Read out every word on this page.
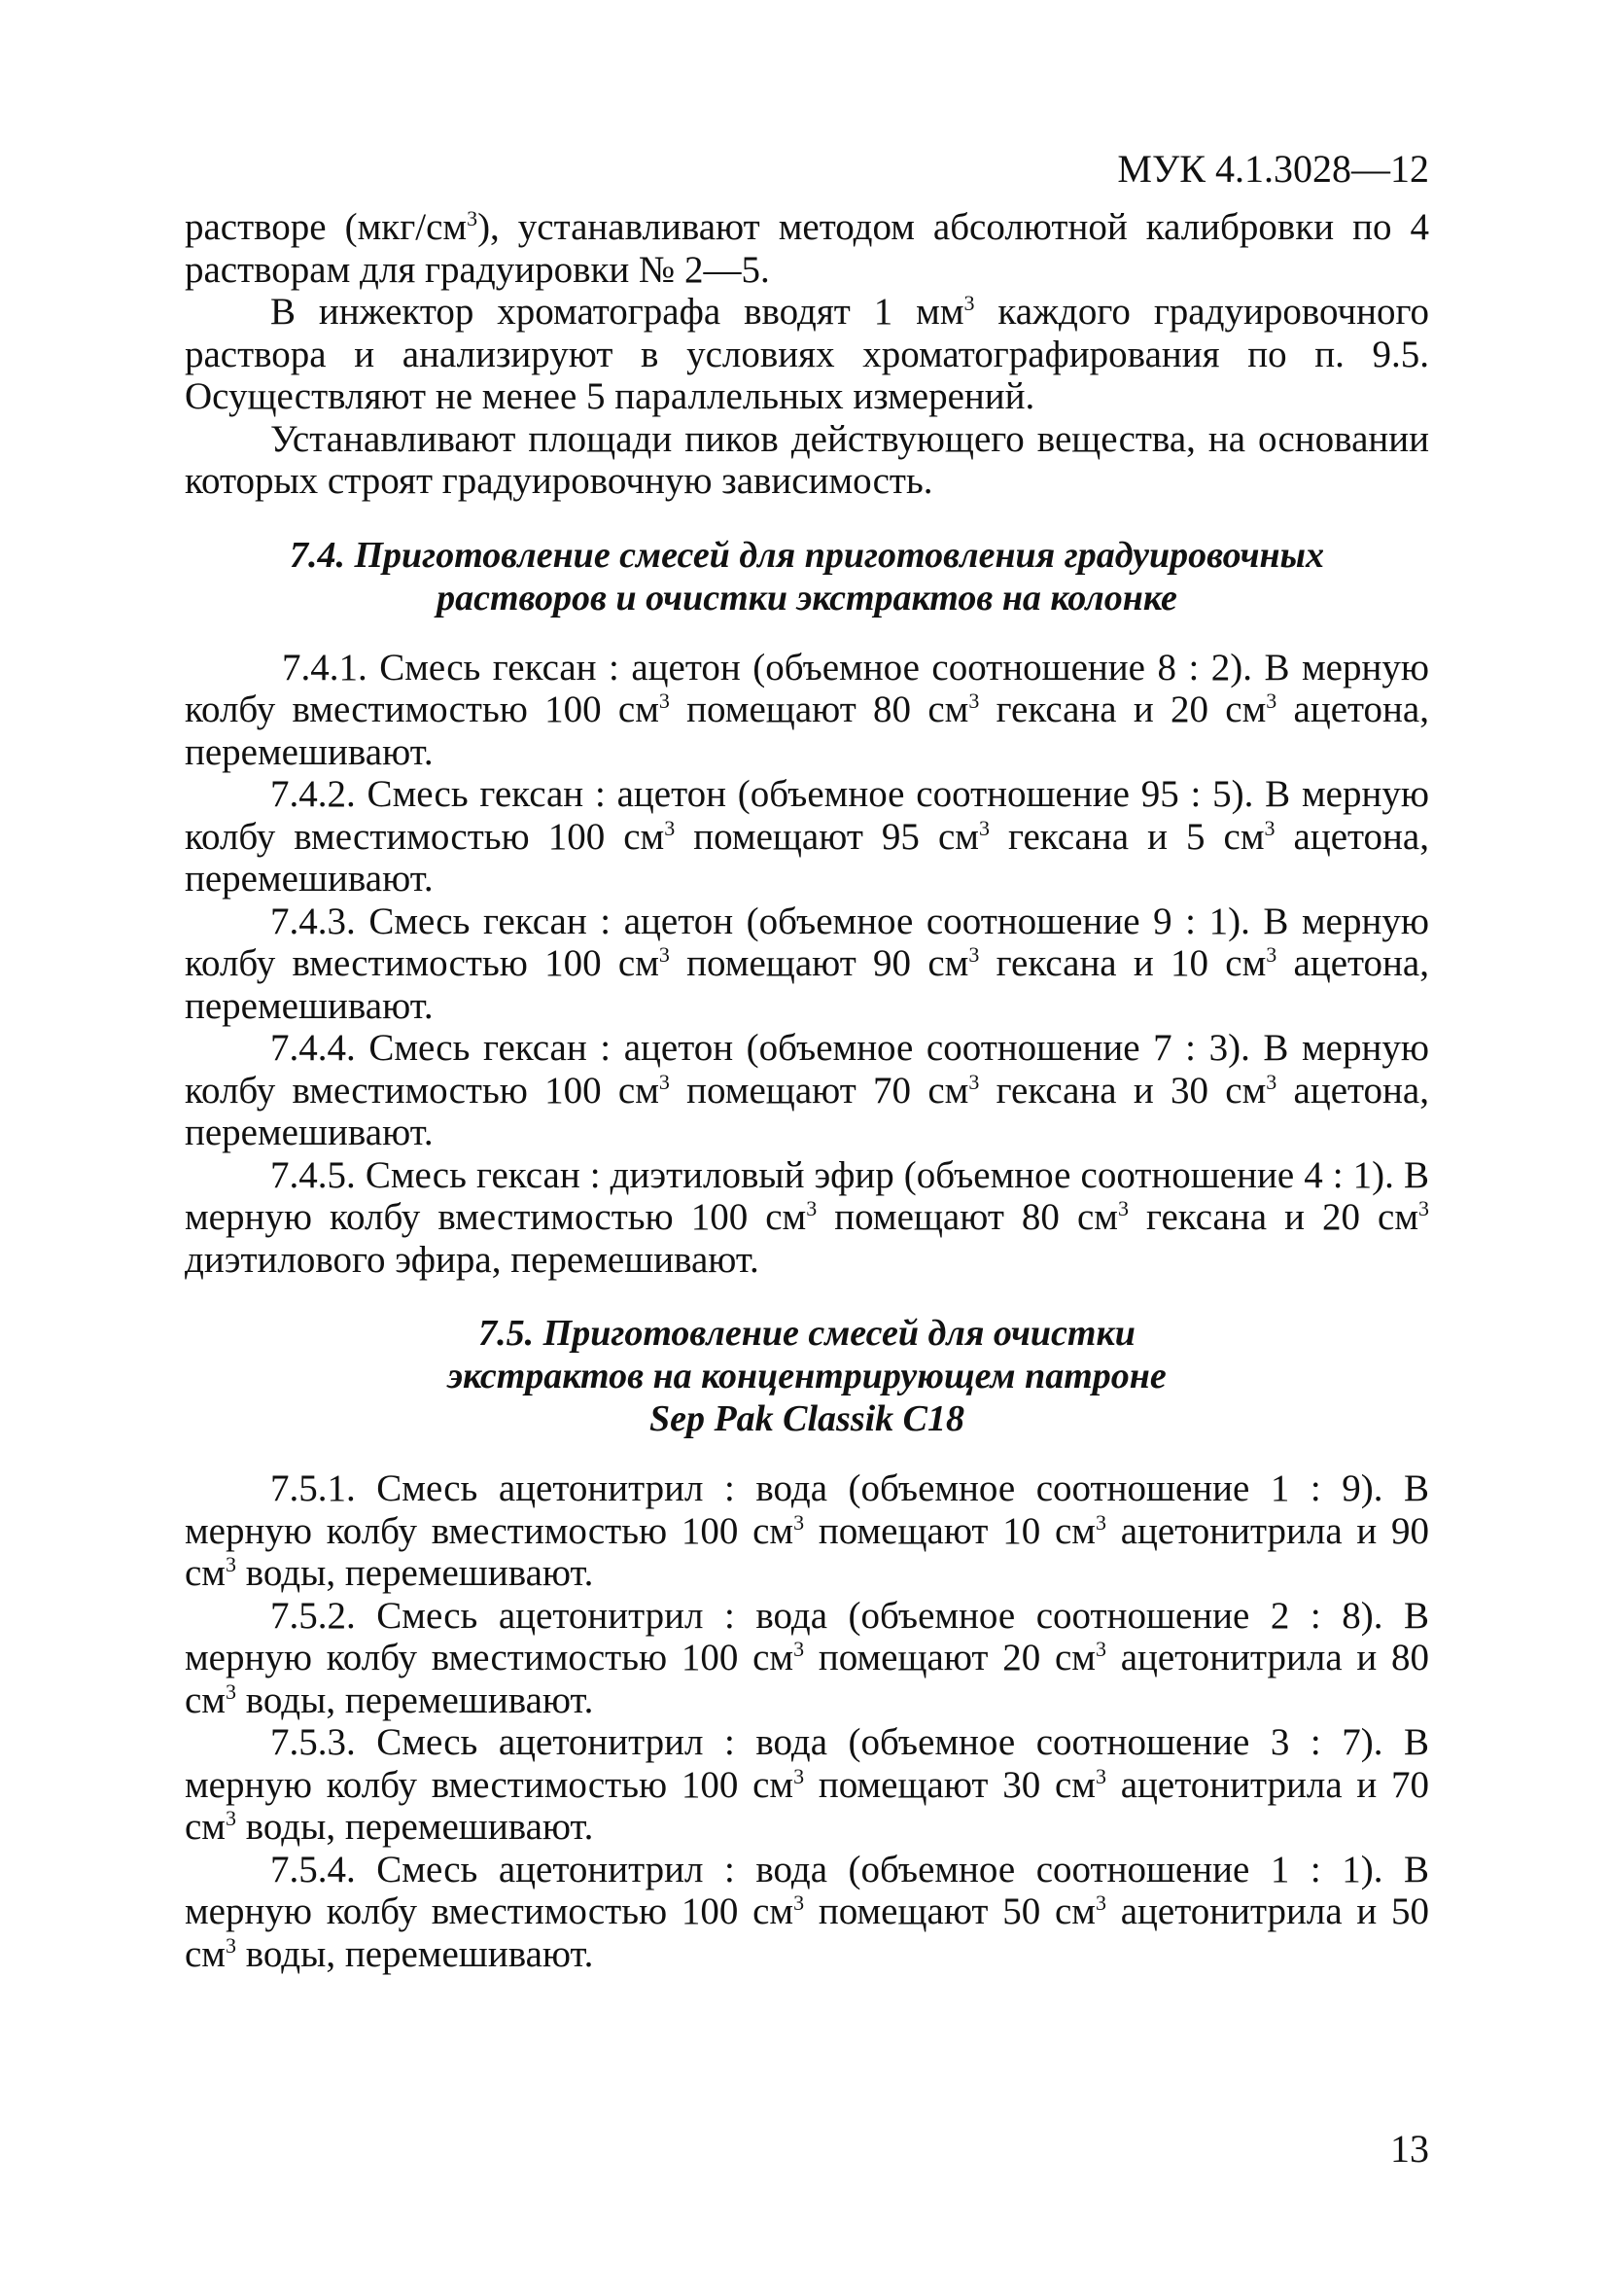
МУК 4.1.3028—12

растворе $(мкг/см^3)$, устанавливают методом абсолютной калибровки по 4 растворам для градуировки № 2—5.

В инжектор хроматографа вводят 1 $мм^3$ каждого градуировочного раствора и анализируют в условиях хроматографирования по п. 9.5. Осуществляют не менее 5 параллельных измерений.

Устанавливают площади пиков действующего вещества, на основании которых строят градуировочную зависимость.

7.4. Приготовление смесей для приготовления градуировочных
растворов и очистки экстрактов на колонке

7.4.1. Смесь гексан : ацетон (объемное соотношение 8 : 2). В мерную колбу вместимостью 100 $см^3$ помещают 80 $см^3$ гексана и 20 $см^3$ ацетона, перемешивают.

7.4.2. Смесь гексан : ацетон (объемное соотношение 95 : 5). В мерную колбу вместимостью 100 $см^3$ помещают 95 $см^3$ гексана и 5 $см^3$ ацетона, перемешивают.

7.4.3. Смесь гексан : ацетон (объемное соотношение 9 : 1). В мерную колбу вместимостью 100 $см^3$ помещают 90 $см^3$ гексана и 10 $см^3$ ацетона, перемешивают.

7.4.4. Смесь гексан : ацетон (объемное соотношение 7 : 3). В мерную колбу вместимостью 100 $см^3$ помещают 70 $см^3$ гексана и 30 $см^3$ ацетона, перемешивают.

7.4.5. Смесь гексан : диэтиловый эфир (объемное соотношение 4 : 1). В мерную колбу вместимостью 100 $см^3$ помещают 80 $см^3$ гексана и 20 $см^3$ диэтилового эфира, перемешивают.

7.5. Приготовление смесей для очистки
экстрактов на концентрирующем патроне
Sep Pak Classik C18

7.5.1. Смесь ацетонитрил : вода (объемное соотношение 1 : 9). В мерную колбу вместимостью 100 $см^3$ помещают 10 $см^3$ ацетонитрила и 90 $см^3$ воды, перемешивают.

7.5.2. Смесь ацетонитрил : вода (объемное соотношение 2 : 8). В мерную колбу вместимостью 100 $см^3$ помещают 20 $см^3$ ацетонитрила и 80 $см^3$ воды, перемешивают.

7.5.3. Смесь ацетонитрил : вода (объемное соотношение 3 : 7). В мерную колбу вместимостью 100 $см^3$ помещают 30 $см^3$ ацетонитрила и 70 $см^3$ воды, перемешивают.

7.5.4. Смесь ацетонитрил : вода (объемное соотношение 1 : 1). В мерную колбу вместимостью 100 $см^3$ помещают 50 $см^3$ ацетонитрила и 50 $см^3$ воды, перемешивают.

13
